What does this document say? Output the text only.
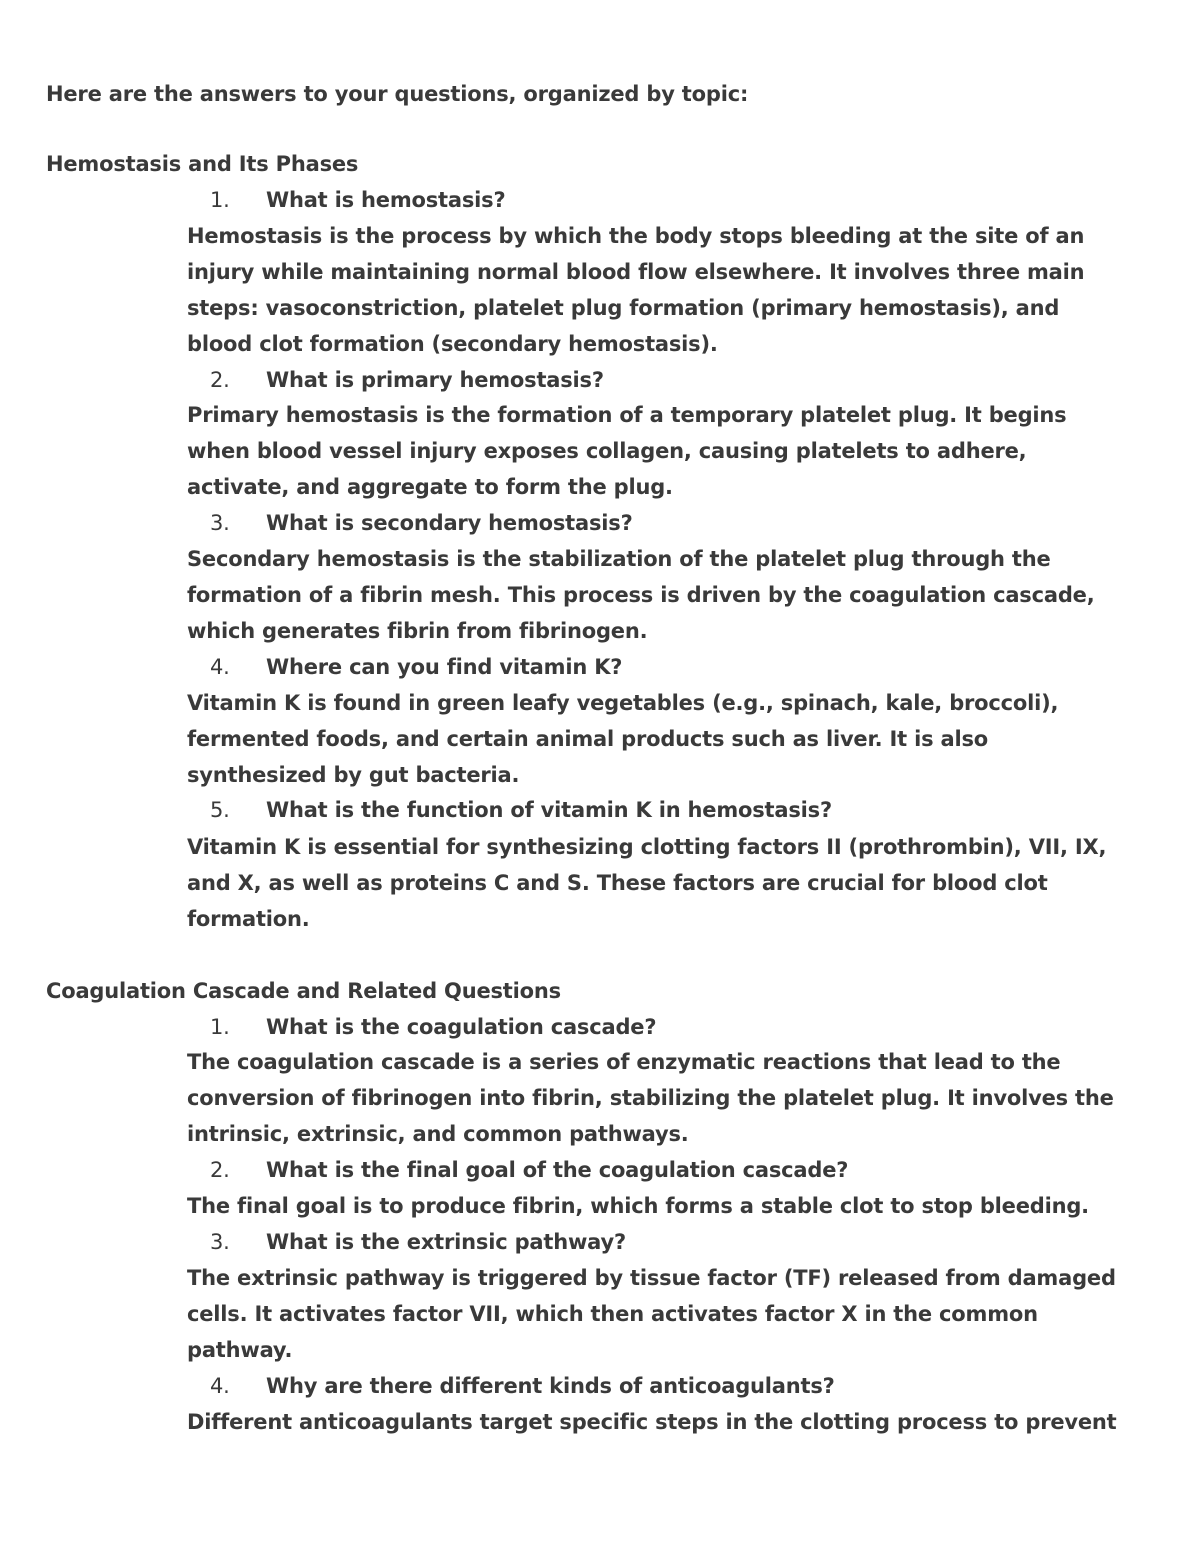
Here are the answers to your questions, organized by topic:
Hemostasis and Its Phases
1.	What is hemostasis?
Hemostasis is the process by which the body stops bleeding at the site of an
injury while maintaining normal blood flow elsewhere. It involves three main
steps: vasoconstriction, platelet plug formation (primary hemostasis), and
blood clot formation (secondary hemostasis).
2.	What is primary hemostasis?
Primary hemostasis is the formation of a temporary platelet plug. It begins
when blood vessel injury exposes collagen, causing platelets to adhere,
activate, and aggregate to form the plug.
3.	What is secondary hemostasis?
Secondary hemostasis is the stabilization of the platelet plug through the
formation of a fibrin mesh. This process is driven by the coagulation cascade,
which generates fibrin from fibrinogen.
4.	Where can you find vitamin K?
Vitamin K is found in green leafy vegetables (e.g., spinach, kale, broccoli),
fermented foods, and certain animal products such as liver. It is also
synthesized by gut bacteria.
5.	What is the function of vitamin K in hemostasis?
Vitamin K is essential for synthesizing clotting factors II (prothrombin), VII, IX,
and X, as well as proteins C and S. These factors are crucial for blood clot
formation.
Coagulation Cascade and Related Questions
1.	What is the coagulation cascade?
The coagulation cascade is a series of enzymatic reactions that lead to the
conversion of fibrinogen into fibrin, stabilizing the platelet plug. It involves the
intrinsic, extrinsic, and common pathways.
2.	What is the final goal of the coagulation cascade?
The final goal is to produce fibrin, which forms a stable clot to stop bleeding.
3.	What is the extrinsic pathway?
The extrinsic pathway is triggered by tissue factor (TF) released from damaged
cells. It activates factor VII, which then activates factor X in the common
pathway.
4.	Why are there different kinds of anticoagulants?
Different anticoagulants target specific steps in the clotting process to prevent
